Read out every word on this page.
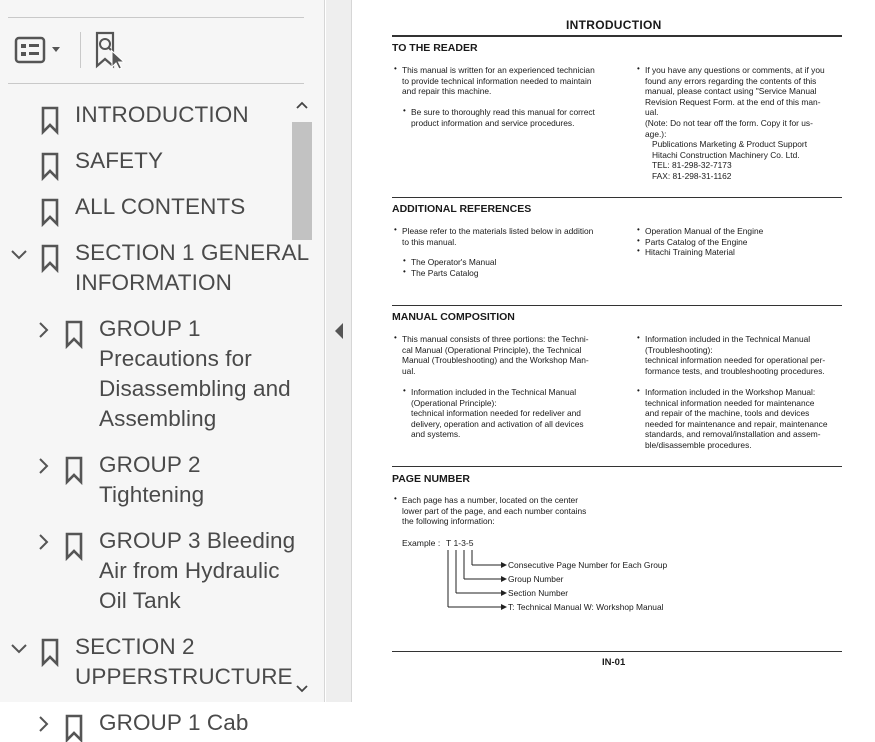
INTRODUCTION
SAFETY
ALL CONTENTS
SECTION 1 GENERAL
INFORMATION
GROUP 1
Precautions for
Disassembling and
Assembling
GROUP 2
Tightening
GROUP 3 Bleeding
Air from Hydraulic
Oil Tank
SECTION 2
UPPERSTRUCTURE
GROUP 1 Cab
INTRODUCTION
TO THE READER
ADDITIONAL REFERENCES
MANUAL COMPOSITION
PAGE NUMBER
Example : T 1-3-5
Consecutive Page Number for Each Group
Group Number
Section Number
T: Technical Manual W: Workshop Manual
IN-01
This manual is written for an experienced technician
to provide technical information needed to maintain
and repair this machine.
•
Be sure to thoroughly read this manual for correct
product information and service procedures.
•
If you have any questions or comments, at if you
found any errors regarding the contents of this
manual, please contact using "Service Manual
Revision Request Form. at the end of this man-
ual.
(Note: Do not tear off the form. Copy it for us-
age.):
•
Publications Marketing & Product Support
Hitachi Construction Machinery Co. Ltd.
TEL: 81-298-32-7173
FAX: 81-298-31-1162
Please refer to the materials listed below in addition
to this manual.
•
The Operator's Manual
•
The Parts Catalog
•
Operation Manual of the Engine
•
Parts Catalog of the Engine
•
Hitachi Training Material
•
This manual consists of three portions: the Techni-
cal Manual (Operational Principle), the Technical
Manual (Troubleshooting) and the Workshop Man-
ual.
•
Information included in the Technical Manual
(Operational Principle):
technical information needed for redeliver and
delivery, operation and activation of all devices
and systems.
•
Information included in the Technical Manual
(Troubleshooting):
technical information needed for operational per-
formance tests, and troubleshooting procedures.
•
Information included in the Workshop Manual:
technical information needed for maintenance
and repair of the machine, tools and devices
needed for maintenance and repair, maintenance
standards, and removal/installation and assem-
ble/disassemble procedures.
•
Each page has a number, located on the center
lower part of the page, and each number contains
the following information:
•
